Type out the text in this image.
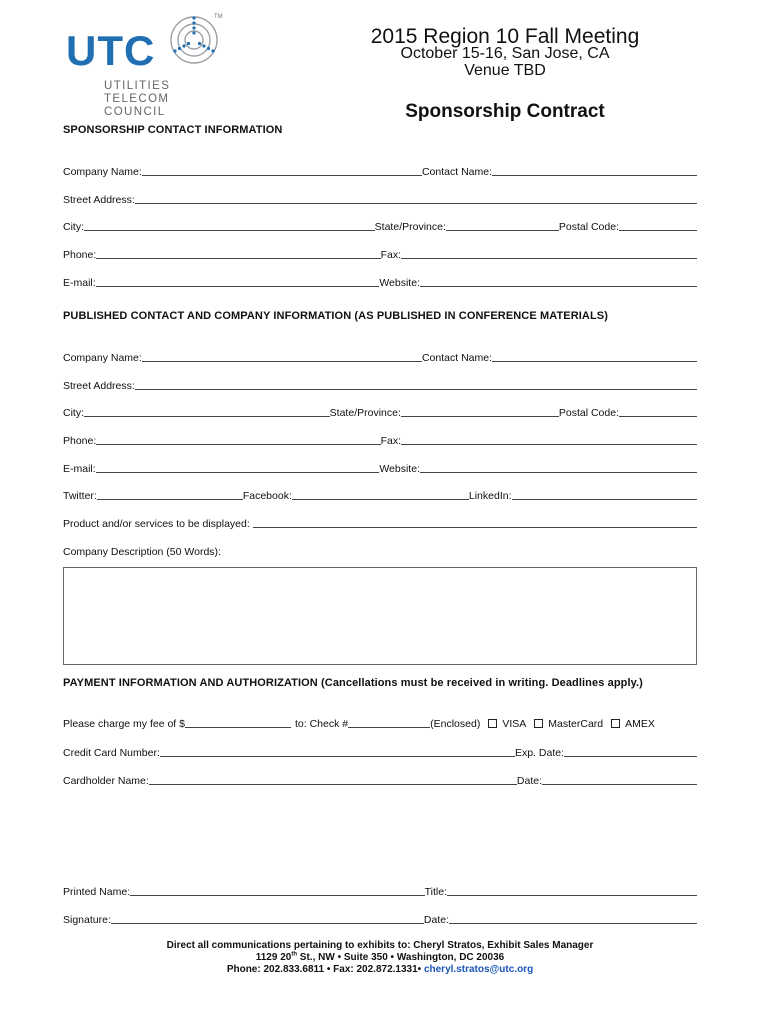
UTC
TM
UTILITIES TELECOM
COUNCIL
2015 Region 10 Fall Meeting
October 15-16, San Jose, CA
Venue TBD
Sponsorship Contract
SPONSORSHIP CONTACT INFORMATION
Company Name:	Contact Name:
Street Address:
City:	State/Province:	Postal Code:
Phone:	Fax:
E-mail:	Website:
PUBLISHED CONTACT AND COMPANY INFORMATION (AS PUBLISHED IN CONFERENCE MATERIALS)
Company Name:	Contact Name:
Street Address:
City:	State/Province:	Postal Code:
Phone:	Fax:
E-mail:	Website:
Twitter:	Facebook:	LinkedIn:
Product and/or services to be displayed:
Company Description (50 Words):
PAYMENT INFORMATION AND AUTHORIZATION (Cancellations must be received in writing. Deadlines apply.)
Please charge my fee of $	to: Check #	(Enclosed) VISA MasterCard AMEX
Credit Card Number:	Exp. Date:
Cardholder Name:	Date:
Printed Name:	Title:
Signature:	Date:
Direct all communications pertaining to exhibits to: Cheryl Stratos, Exhibit Sales Manager
1129 20th St., NW • Suite 350 • Washington, DC 20036
Phone: 202.833.6811 • Fax: 202.872.1331• cheryl.stratos@utc.org
